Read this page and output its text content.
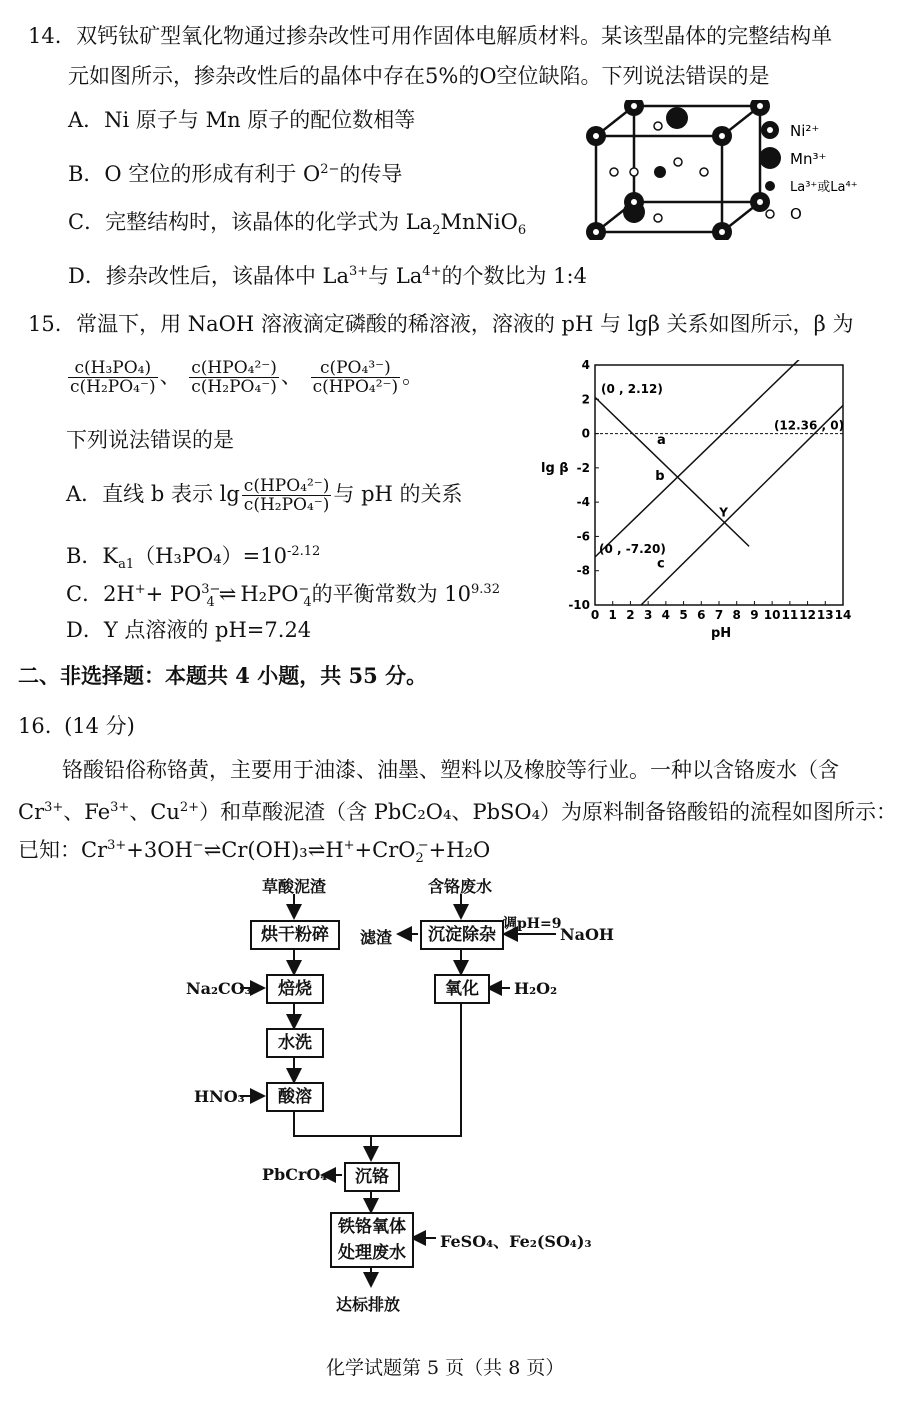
14. 双钙钛矿型氧化物通过掺杂改性可用作固体电解质材料。某该型晶体的完整结构单
元如图所示，掺杂改性后的晶体中存在5%的O空位缺陷。下列说法错误的是
A．Ni 原子与 Mn 原子的配位数相等
B．O 空位的形成有利于 $O^{2-}$的传导
C．完整结构时，该晶体的化学式为 $La_2MnNiO_6$
D．掺杂改性后，该晶体中 $La^{3+}$与 $La^{4+}$的个数比为 1:4
Ni²⁺
Mn³⁺
La³⁺或La⁴⁺
O
15. 常温下，用 NaOH 溶液滴定磷酸的稀溶液，溶液的 pH 与 lgβ 关系如图所示，β 为
$\frac{\text{c(H₃PO₄)}}{\text{c(H₂PO₄⁻)}}$ 、 $\frac{\text{c(HPO₄²⁻)}}{\text{c(H₂PO₄⁻)}}$ 、 $\frac{\text{c(PO₄³⁻)}}{\text{c(HPO₄²⁻)}}$ 。
下列说法错误的是
A．直线 b 表示 $\lg \frac{\text{c(HPO₄²⁻)}}{\text{c(H₂PO₄⁻)}}$ 与 pH 的关系
B．$K_{a1}(H_3PO_4)=10^{-2.12}$
C．$2H^++ PO^{3-}_4$ ⇌ $H_2PO^-_4$的平衡常数为 $10^{9.32}$
D．Y 点溶液的 pH=7.24
0 1 2 3 4 5 6 7 8 9 10 11 12 13 14
4
2
0
-2
-4
-6
-8
-10
(0 , 2.12)
(12.36 , 0)
(0 , -7.20)
Y
a
b
c
pH
lg β
二、非选择题：本题共 4 小题，共 55 分。
16. (14 分)
铬酸铅俗称铬黄，主要用于油漆、油墨、塑料以及橡胶等行业。一种以含铬废水（含
$Cr^{3+}$、$Fe^{3+}$、$Cu^{2+}$）和草酸泥渣（含 PbC₂O₄、PbSO₄）为原料制备铬酸铅的流程如图所示：
已知：$Cr^{3+}+3OH^-\rightleftharpoons Cr(OH)_3\rightleftharpoons H^++CrO_2^-+H_2O$
草酸泥渣	含铬废水
烘干粉碎
焙烧
水洗
酸溶
沉淀除杂
氧化
沉铬
铁铬氧体
处理废水
Na₂CO₃
HNO₃
滤渣
调pH=9
NaOH
H₂O₂
PbCrO₄
FeSO₄、Fe₂(SO₄)₃
达标排放
化学试题第 5 页（共 8 页）
